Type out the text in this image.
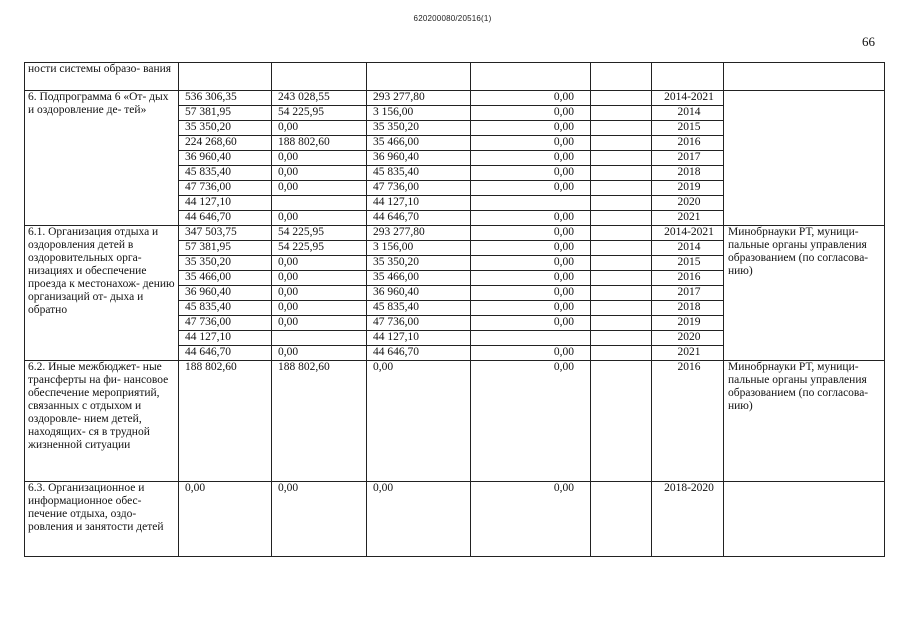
620200080/20516(1)
66
ности системы образо- вания							
6. Подпрограмма 6 «От- дых и оздоровление де- тей»	536 306,35	243 028,55	293 277,80	0,00		2014-2021	
	57 381,95	54 225,95	3 156,00	0,00		2014	
	35 350,20	0,00	35 350,20	0,00		2015	
	224 268,60	188 802,60	35 466,00	0,00		2016	
	36 960,40	0,00	36 960,40	0,00		2017	
	45 835,40	0,00	45 835,40	0,00		2018	
	47 736,00	0,00	47 736,00	0,00		2019	
	44 127,10		44 127,10			2020	
	44 646,70	0,00	44 646,70	0,00		2021	
6.1. Организация отдыха и оздоровления детей в оздоровительных орга- низациях и обеспечение проезда к местонахож- дению организаций от- дыха и обратно	347 503,75	54 225,95	293 277,80	0,00		2014-2021	Минобрнауки РТ, муници- пальные органы управления образованием (по согласова- нию)
	57 381,95	54 225,95	3 156,00	0,00		2014	
	35 350,20	0,00	35 350,20	0,00		2015	
	35 466,00	0,00	35 466,00	0,00		2016	
	36 960,40	0,00	36 960,40	0,00		2017	
	45 835,40	0,00	45 835,40	0,00		2018	
	47 736,00	0,00	47 736,00	0,00		2019	
	44 127,10		44 127,10			2020	
	44 646,70	0,00	44 646,70	0,00		2021	
6.2. Иные межбюджет- ные трансферты на фи- нансовое обеспечение мероприятий, связанных с отдыхом и оздоровле- нием детей, находящих- ся в трудной жизненной ситуации	188 802,60	188 802,60	0,00	0,00		2016	Минобрнауки РТ, муници- пальные органы управления образованием (по согласова- нию)
6.3. Организационное и информационное обес- печение отдыха, оздо- ровления и занятости детей	0,00	0,00	0,00	0,00		2018-2020	
